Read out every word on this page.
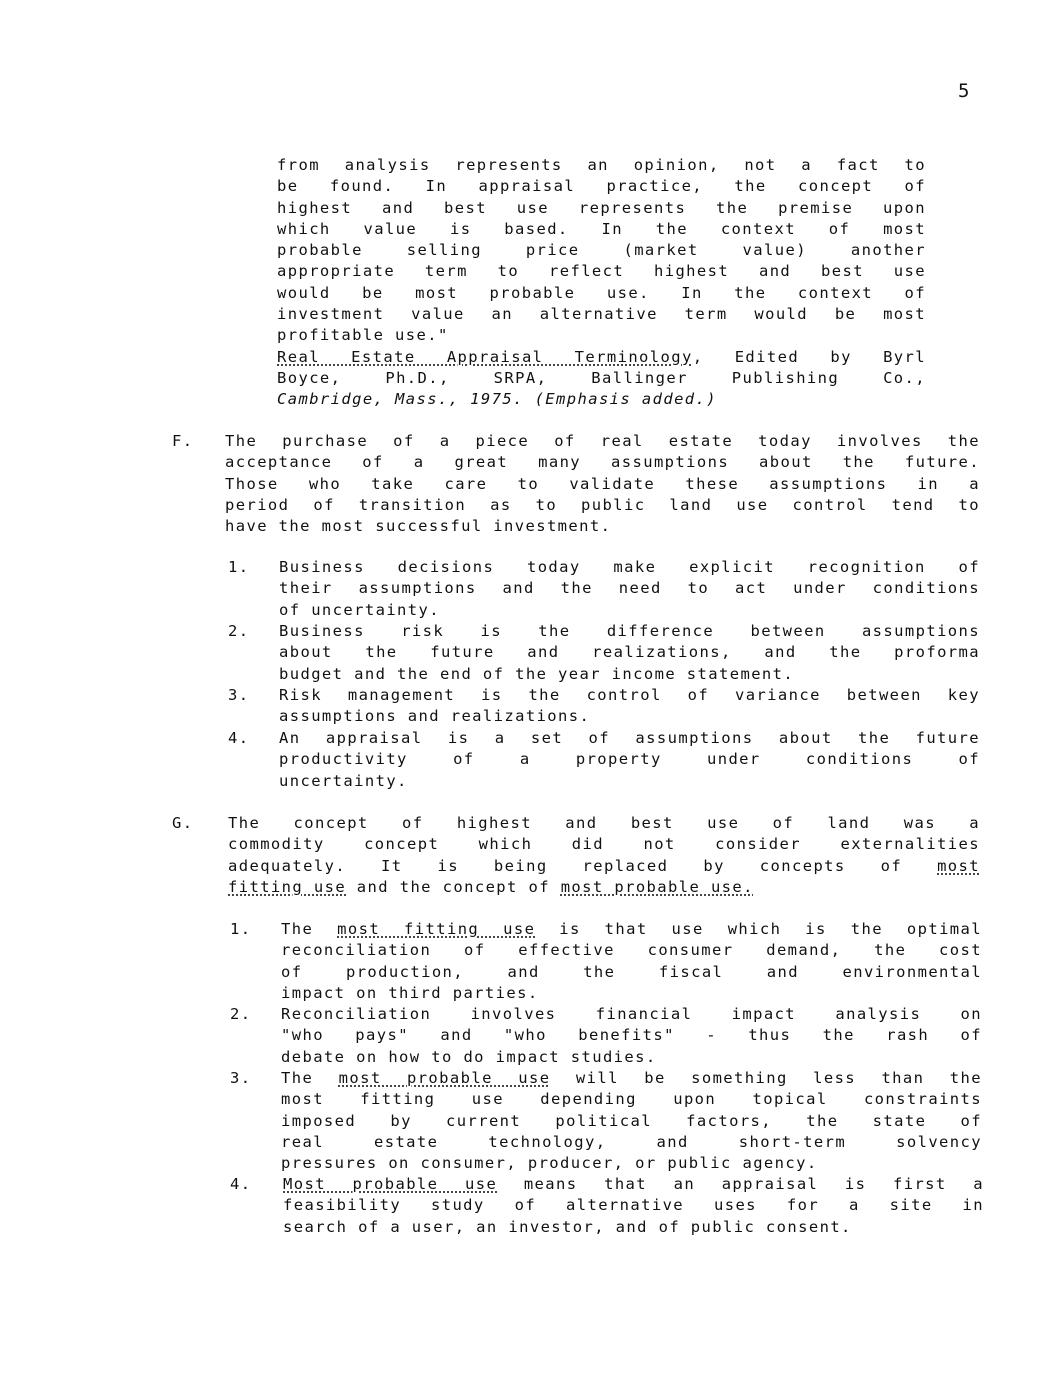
5
from analysis represents an opinion, not a fact to
be found. In appraisal practice, the concept of
highest and best use represents the premise upon
which value is based. In the context of most
probable selling price (market value) another
appropriate term to reflect highest and best use
would be most probable use. In the context of
investment value an alternative term would be most
profitable use."
Real Estate Appraisal Terminology, Edited by Byrl
Boyce, Ph.D., SRPA, Ballinger Publishing Co.,
Cambridge, Mass., 1975. (Emphasis added.)
F. The purchase of a piece of real estate today involves the
acceptance of a great many assumptions about the future.
Those who take care to validate these assumptions in a
period of transition as to public land use control tend to
have the most successful investment.
1. Business decisions today make explicit recognition of
their assumptions and the need to act under conditions
of uncertainty.
2. Business risk is the difference between assumptions
about the future and realizations, and the proforma
budget and the end of the year income statement.
3. Risk management is the control of variance between key
assumptions and realizations.
4. An appraisal is a set of assumptions about the future
productivity of a property under conditions of
uncertainty.
G. The concept of highest and best use of land was a
commodity concept which did not consider externalities
adequately. It is being replaced by concepts of most
fitting use and the concept of most probable use.
1. The most fitting use is that use which is the optimal
reconciliation of effective consumer demand, the cost
of production, and the fiscal and environmental
impact on third parties.
2. Reconciliation involves financial impact analysis on
"who pays" and "who benefits" - thus the rash of
debate on how to do impact studies.
3. The most probable use will be something less than the
most fitting use depending upon topical constraints
imposed by current political factors, the state of
real estate technology, and short-term solvency
pressures on consumer, producer, or public agency.
4. Most probable use means that an appraisal is first a
feasibility study of alternative uses for a site in
search of a user, an investor, and of public consent.
